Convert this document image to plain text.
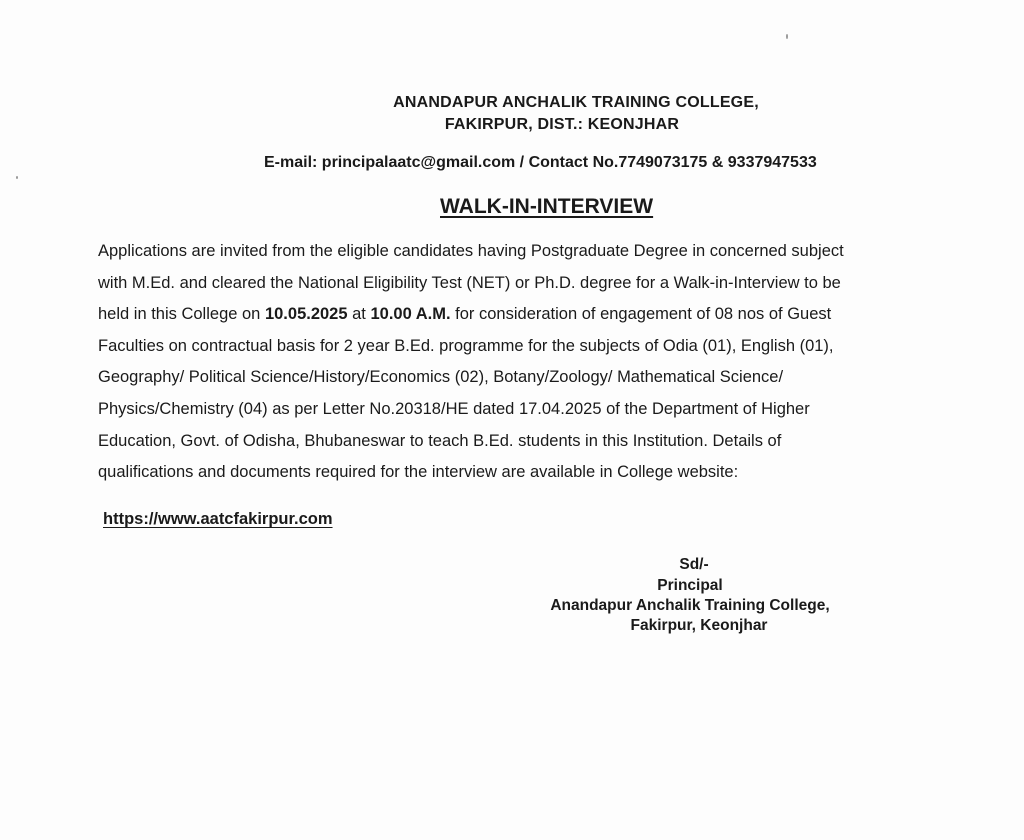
ANANDAPUR ANCHALIK TRAINING COLLEGE,
FAKIRPUR, DIST.: KEONJHAR
E-mail: principalaatc@gmail.com / Contact No.7749073175 & 9337947533
WALK-IN-INTERVIEW
Applications are invited from the eligible candidates having Postgraduate Degree in concerned subject
with M.Ed. and cleared the National Eligibility Test (NET) or Ph.D. degree for a Walk-in-Interview to be
held in this College on 10.05.2025 at 10.00 A.M. for consideration of engagement of 08 nos of Guest
Faculties on contractual basis for 2 year B.Ed. programme for the subjects of Odia (01), English (01),
Geography/ Political Science/History/Economics (02), Botany/Zoology/ Mathematical Science/
Physics/Chemistry (04) as per Letter No.20318/HE dated 17.04.2025 of the Department of Higher
Education, Govt. of Odisha, Bhubaneswar to teach B.Ed. students in this Institution. Details of
qualifications and documents required for the interview are available in College website:
https://www.aatcfakirpur.com
Sd/-
Principal
Anandapur Anchalik Training College,
Fakirpur, Keonjhar
